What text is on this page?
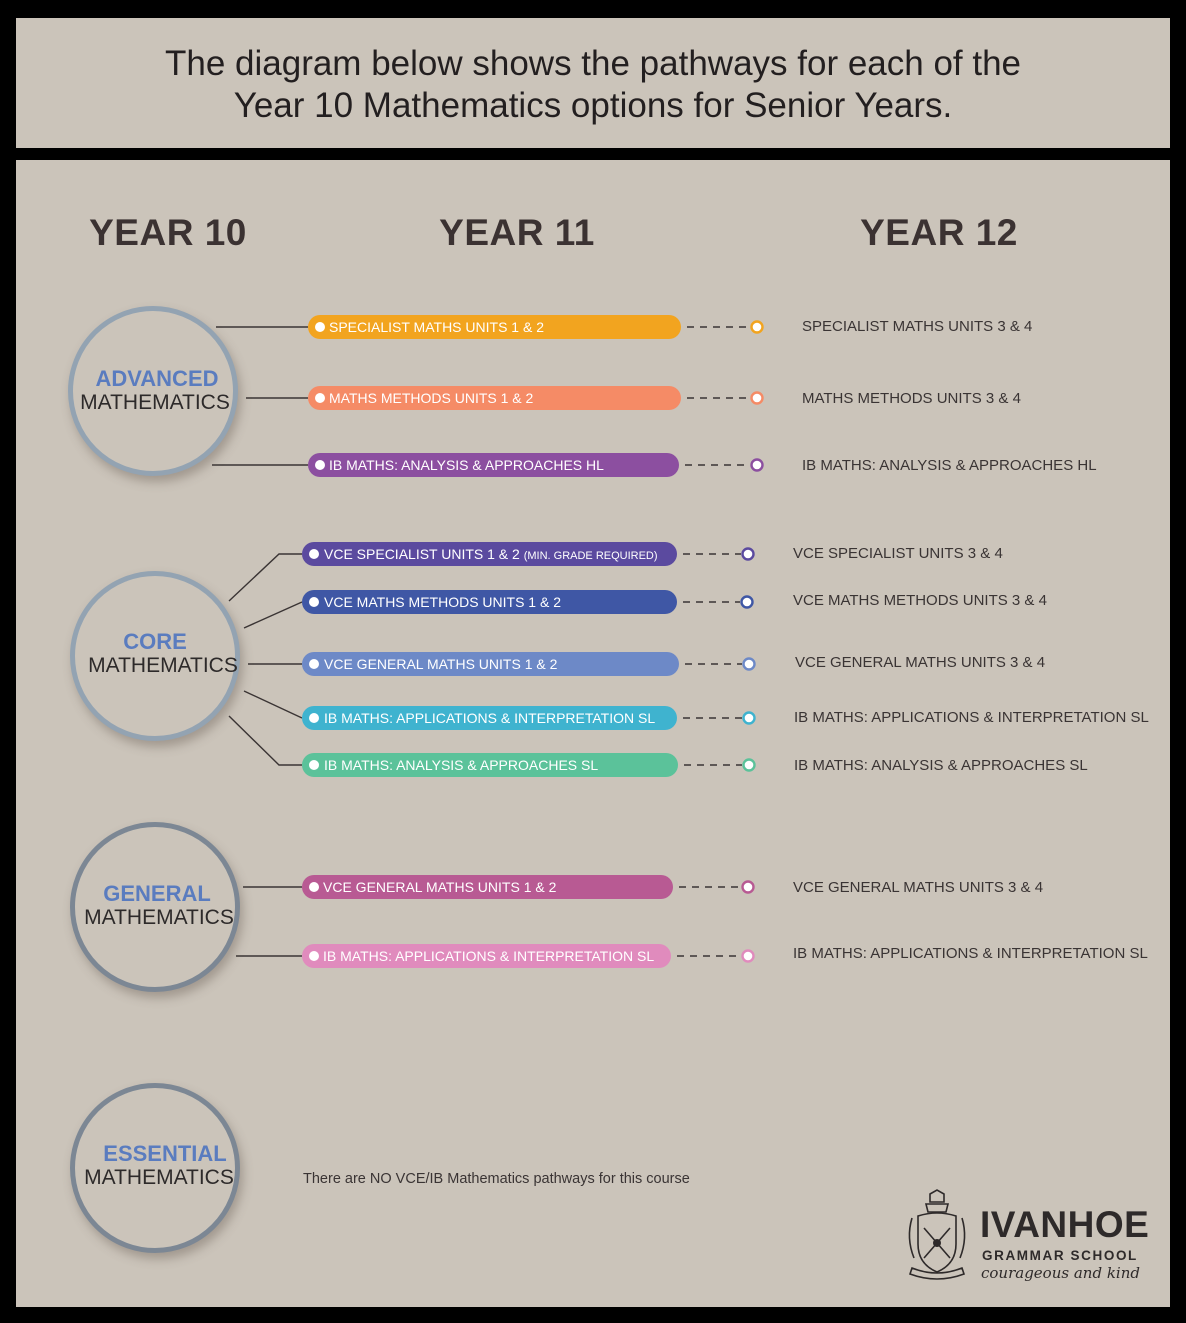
The diagram below shows the pathways for each of the
Year 10 Mathematics options for Senior Years.
YEAR 10	YEAR 11	YEAR 12
ADVANCED
MATHEMATICS
CORE
MATHEMATICS
GENERAL
MATHEMATICS
ESSENTIAL
MATHEMATICS
SPECIALIST MATHS UNITS 1 & 2
MATHS METHODS UNITS 1 & 2
IB MATHS: ANALYSIS & APPROACHES HL
VCE SPECIALIST UNITS 1 & 2 (MIN. GRADE REQUIRED)
VCE MATHS METHODS UNITS 1 & 2
VCE GENERAL MATHS UNITS 1 & 2
IB MATHS: APPLICATIONS & INTERPRETATION SL
IB MATHS: ANALYSIS & APPROACHES SL
VCE GENERAL MATHS UNITS 1 & 2
IB MATHS: APPLICATIONS & INTERPRETATION SL
SPECIALIST MATHS UNITS 3 & 4
MATHS METHODS UNITS 3 & 4
IB MATHS: ANALYSIS & APPROACHES HL
VCE SPECIALIST UNITS 3 & 4
VCE MATHS METHODS UNITS 3 & 4
VCE GENERAL MATHS UNITS 3 & 4
IB MATHS: APPLICATIONS & INTERPRETATION SL
IB MATHS: ANALYSIS & APPROACHES SL
VCE GENERAL MATHS UNITS 3 & 4
IB MATHS: APPLICATIONS & INTERPRETATION SL
There are NO VCE/IB Mathematics pathways for this course
IVANHOE
GRAMMAR SCHOOL
courageous and kind
